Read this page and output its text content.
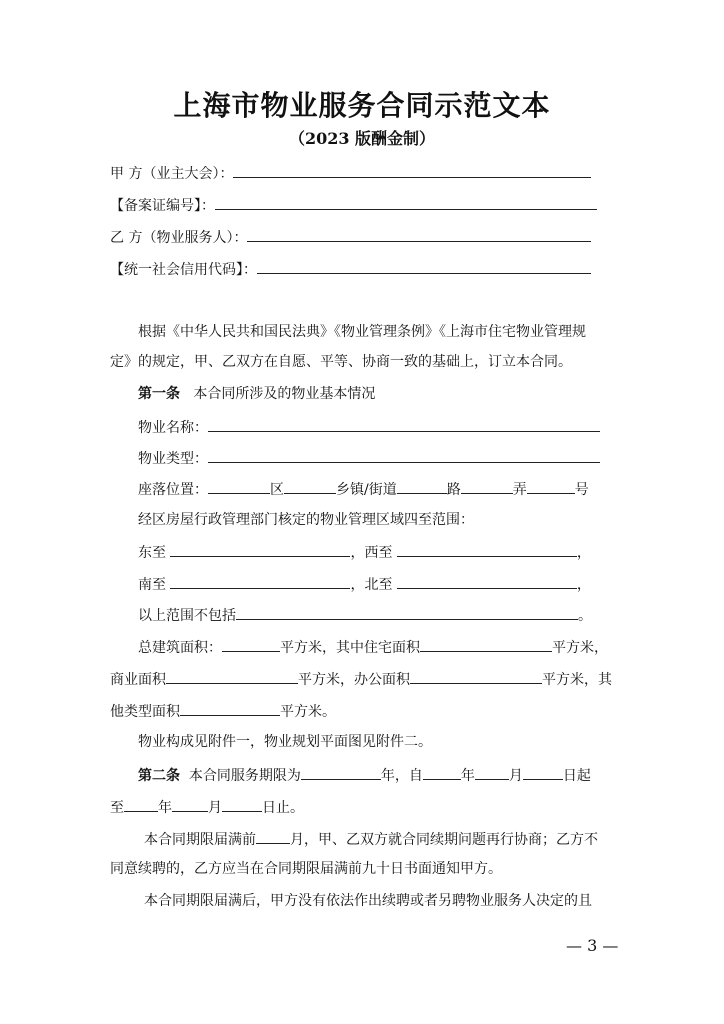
上海市物业服务合同示范文本
（2023 版酬金制）
甲 方（业主大会）：
【备案证编号】：
乙 方（物业服务人）：
【统一社会信用代码】：
根据《中华人民共和国民法典》《物业管理条例》《上海市住宅物业管理规
定》的规定，甲、乙双方在自愿、平等、协商一致的基础上，订立本合同。
第一条 本合同所涉及的物业基本情况
物业名称：
物业类型：
座落位置：	区	乡镇/街道	路	弄	号
经区房屋行政管理部门核定的物业管理区域四至范围：
东至	，西至	，
南至	，北至	，
以上范围不包括	。
总建筑面积：	平方米，其中住宅面积	平方米，
商业面积	平方米，办公面积	平方米，其
他类型面积	平方米。
物业构成见附件一，物业规划平面图见附件二。
第二条 本合同服务期限为	年，自	年 月	日起
至 年	月	日止。
本合同期限届满前 月，甲、乙双方就合同续期问题再行协商；乙方不
同意续聘的，乙方应当在合同期限届满前九十日书面通知甲方。
本合同期限届满后，甲方没有依法作出续聘或者另聘物业服务人决定的且
— 3 —
